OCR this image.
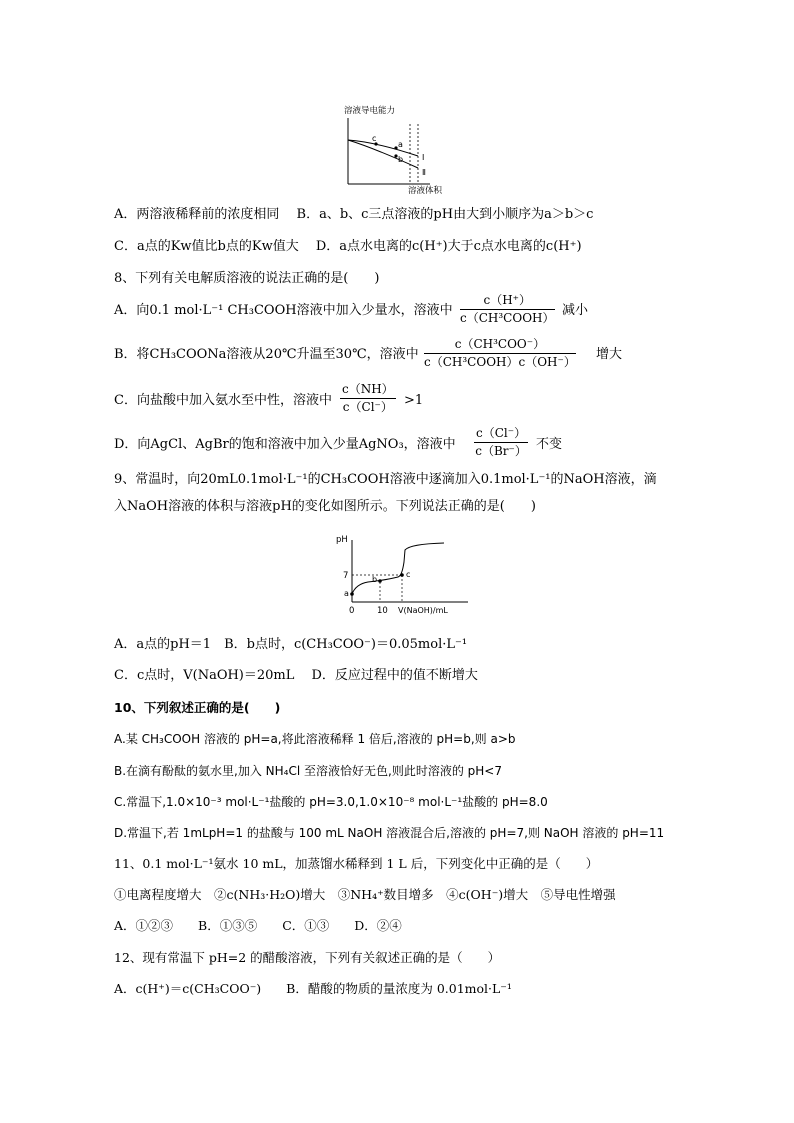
溶液导电能力
溶液体积
c
a
b I
Ⅱ
A．两溶液稀释前的浓度相同　 B．a、b、c三点溶液的pH由大到小顺序为a＞b＞c
C．a点的Kw值比b点的Kw值大　 D．a点水电离的c(H⁺)大于c点水电离的c(H⁺)
8、下列有关电解质溶液的说法正确的是(　　)
A．向0.1 mol·L⁻¹ CH₃COOH溶液中加入少量水，溶液中
c（H⁺）
c（CH³COOH） 减小
B．将CH₃COONa溶液从20℃升温至30℃，溶液中
c（CH³COO⁻）
c（CH³COOH）c（OH⁻） 增大
C．向盐酸中加入氨水至中性，溶液中 $\frac{c(NH)}{c(Cl^-)} >1$
D．向AgCl、AgBr的饱和溶液中加入少量AgNO₃，溶液中 $\frac{c(Cl^-)}{c(Br^-)}$ 不变
9、常温时，向20mL0.1mol·L⁻¹的CH₃COOH溶液中逐滴加入0.1mol·L⁻¹的NaOH溶液，滴
入NaOH溶液的体积与溶液pH的变化如图所示。下列说法正确的是(　　)
pH
7
0	10 V(NaOH)/mL
a
b
c
A．a点的pH＝1　B．b点时，c(CH₃COO⁻)＝0.05mol·L⁻¹
C．c点时，V(NaOH)＝20mL　 D．反应过程中的值不断增大
10、下列叙述正确的是(　　)
A.某 CH₃COOH 溶液的 pH=a,将此溶液稀释 1 倍后,溶液的 pH=b,则 a>b
B.在滴有酚酞的氨水里,加入 NH₄Cl 至溶液恰好无色,则此时溶液的 pH<7
C.常温下,1.0×10⁻³ mol·L⁻¹盐酸的 pH=3.0,1.0×10⁻⁸ mol·L⁻¹盐酸的 pH=8.0
D.常温下,若 1mLpH=1 的盐酸与 100 mL NaOH 溶液混合后,溶液的 pH=7,则 NaOH 溶液的 pH=11
11、0.1 mol·L⁻¹氨水 10 mL，加蒸馏水稀释到 1 L 后，下列变化中正确的是（　　）
①电离程度增大　②c(NH₃·H₂O)增大　③NH₄⁺数目增多　④c(OH⁻)增大　⑤导电性增强
A．①②③　　B．①③⑤　　C．①③　　D．②④
12、现有常温下 pH=2 的醋酸溶液，下列有关叙述正确的是（　　）
A．c(H⁺)＝c(CH₃COO⁻)　　B．醋酸的物质的量浓度为 0.01mol·L⁻¹
